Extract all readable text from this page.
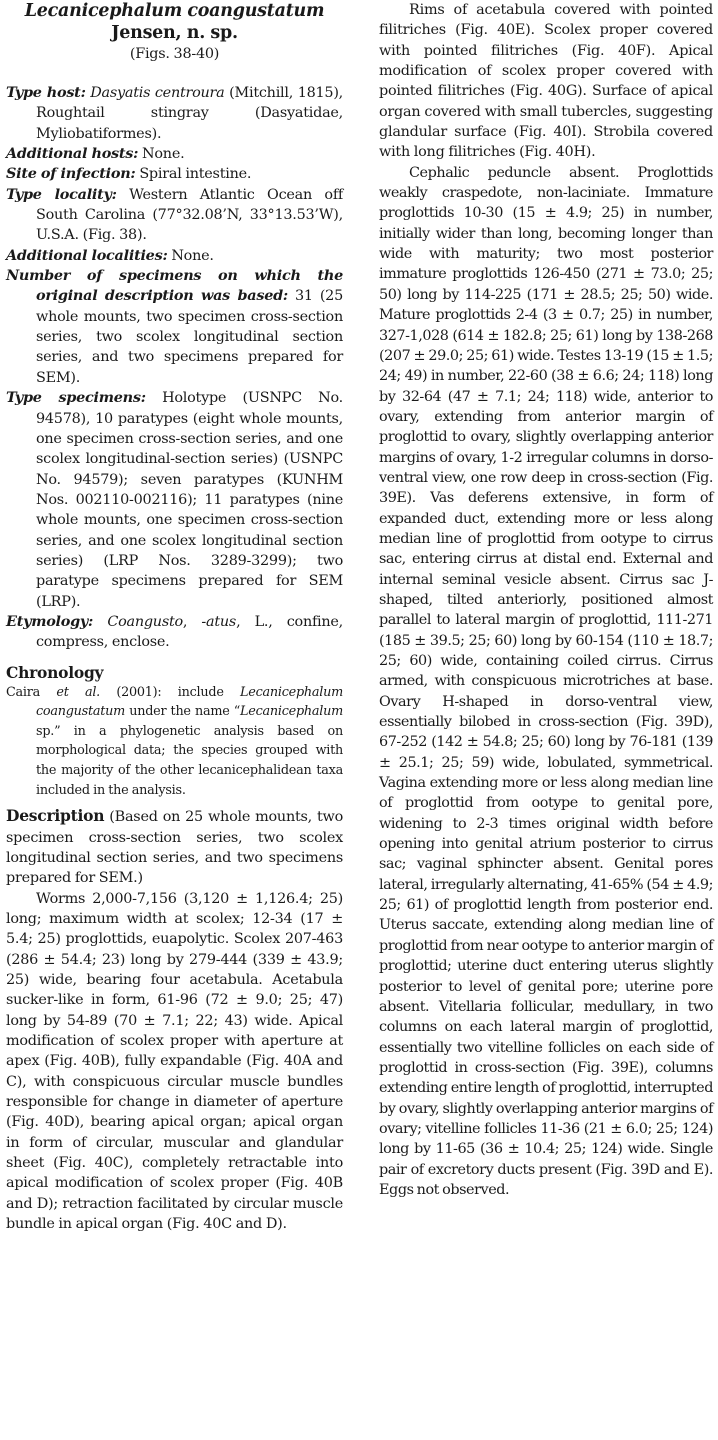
Lecanicephalum coangustatum
Jensen, n. sp.
(Figs. 38-40)

Type host: Dasyatis centroura (Mitchill, 1815), Roughtail stingray (Dasyatidae, Myliobatiformes).

Additional hosts: None.

Site of infection: Spiral intestine.

Type locality: Western Atlantic Ocean off South Carolina (77°32.08’N, 33°13.53’W), U.S.A. (Fig. 38).

Additional localities: None.

Number of specimens on which the original description was based: 31 (25 whole mounts, two specimen cross-section series, two scolex longitudinal section series, and two specimens prepared for SEM).

Type specimens: Holotype (USNPC No. 94578), 10 paratypes (eight whole mounts, one specimen cross-section series, and one scolex longitudinal-section series) (USNPC No. 94579); seven paratypes (KUNHM Nos. 002110-002116); 11 paratypes (nine whole mounts, one specimen cross-section series, and one scolex longitudinal section series) (LRP Nos. 3289-3299); two paratype specimens prepared for SEM (LRP).

Etymology: Coangusto, -atus, L., confine, compress, enclose.

Chronology

Caira et al. (2001): include Lecanicephalum coangustatum under the name “Lecanicephalum sp.” in a phylogenetic analysis based on morphological data; the species grouped with the majority of the other lecanicephalidean taxa included in the analysis.

Description (Based on 25 whole mounts, two specimen cross-section series, two scolex longitudinal section series, and two specimens prepared for SEM.)

Worms 2,000-7,156 (3,120 ± 1,126.4; 25) long; maximum width at scolex; 12-34 (17 ± 5.4; 25) proglottids, euapolytic. Scolex 207-463 (286 ± 54.4; 23) long by 279-444 (339 ± 43.9; 25) wide, bearing four acetabula. Acetabula sucker-like in form, 61-96 (72 ± 9.0; 25; 47) long by 54-89 (70 ± 7.1; 22; 43) wide. Apical modification of scolex proper with aperture at apex (Fig. 40B), fully expandable (Fig. 40A and C), with conspicuous circular muscle bundles responsible for change in diameter of aperture (Fig. 40D), bearing apical organ; apical organ in form of circular, muscular and glandular sheet (Fig. 40C), completely retractable into apical modification of scolex proper (Fig. 40B and D); retraction facilitated by circular muscle bundle in apical organ (Fig. 40C and D).

Rims of acetabula covered with pointed filitriches (Fig. 40E). Scolex proper covered with pointed filitriches (Fig. 40F). Apical modification of scolex proper covered with pointed filitriches (Fig. 40G). Surface of apical organ covered with small tubercles, suggesting glandular surface (Fig. 40I). Strobila covered with long filitriches (Fig. 40H).

Cephalic peduncle absent. Proglottids weakly craspedote, non-laciniate. Immature proglottids 10-30 (15 ± 4.9; 25) in number, initially wider than long, becoming longer than wide with maturity; two most posterior immature proglottids 126-450 (271 ± 73.0; 25; 50) long by 114-225 (171 ± 28.5; 25; 50) wide. Mature proglottids 2-4 (3 ± 0.7; 25) in number, 327-1,028 (614 ± 182.8; 25; 61) long by 138-268 (207 ± 29.0; 25; 61) wide. Testes 13-19 (15 ± 1.5; 24; 49) in number, 22-60 (38 ± 6.6; 24; 118) long by 32-64 (47 ± 7.1; 24; 118) wide, anterior to ovary, extending from anterior margin of proglottid to ovary, slightly overlapping anterior margins of ovary, 1-2 irregular columns in dorso-ventral view, one row deep in cross-section (Fig. 39E). Vas deferens extensive, in form of expanded duct, extending more or less along median line of proglottid from ootype to cirrus sac, entering cirrus at distal end. External and internal seminal vesicle absent. Cirrus sac J-shaped, tilted anteriorly, positioned almost parallel to lateral margin of proglottid, 111-271 (185 ± 39.5; 25; 60) long by 60-154 (110 ± 18.7; 25; 60) wide, containing coiled cirrus. Cirrus armed, with conspicuous microtriches at base. Ovary H-shaped in dorso-ventral view, essentially bilobed in cross-section (Fig. 39D), 67-252 (142 ± 54.8; 25; 60) long by 76-181 (139 ± 25.1; 25; 59) wide, lobulated, symmetrical. Vagina extending more or less along median line of proglottid from ootype to genital pore, widening to 2-3 times original width before opening into genital atrium posterior to cirrus sac; vaginal sphincter absent. Genital pores lateral, irregularly alternating, 41-65% (54 ± 4.9; 25; 61) of proglottid length from posterior end. Uterus saccate, extending along median line of proglottid from near ootype to anterior margin of proglottid; uterine duct entering uterus slightly posterior to level of genital pore; uterine pore absent. Vitellaria follicular, medullary, in two columns on each lateral margin of proglottid, essentially two vitelline follicles on each side of proglottid in cross-section (Fig. 39E), columns extending entire length of proglottid, interrupted by ovary, slightly overlapping anterior margins of ovary; vitelline follicles 11-36 (21 ± 6.0; 25; 124) long by 11-65 (36 ± 10.4; 25; 124) wide. Single pair of excretory ducts present (Fig. 39D and E). Eggs not observed.
